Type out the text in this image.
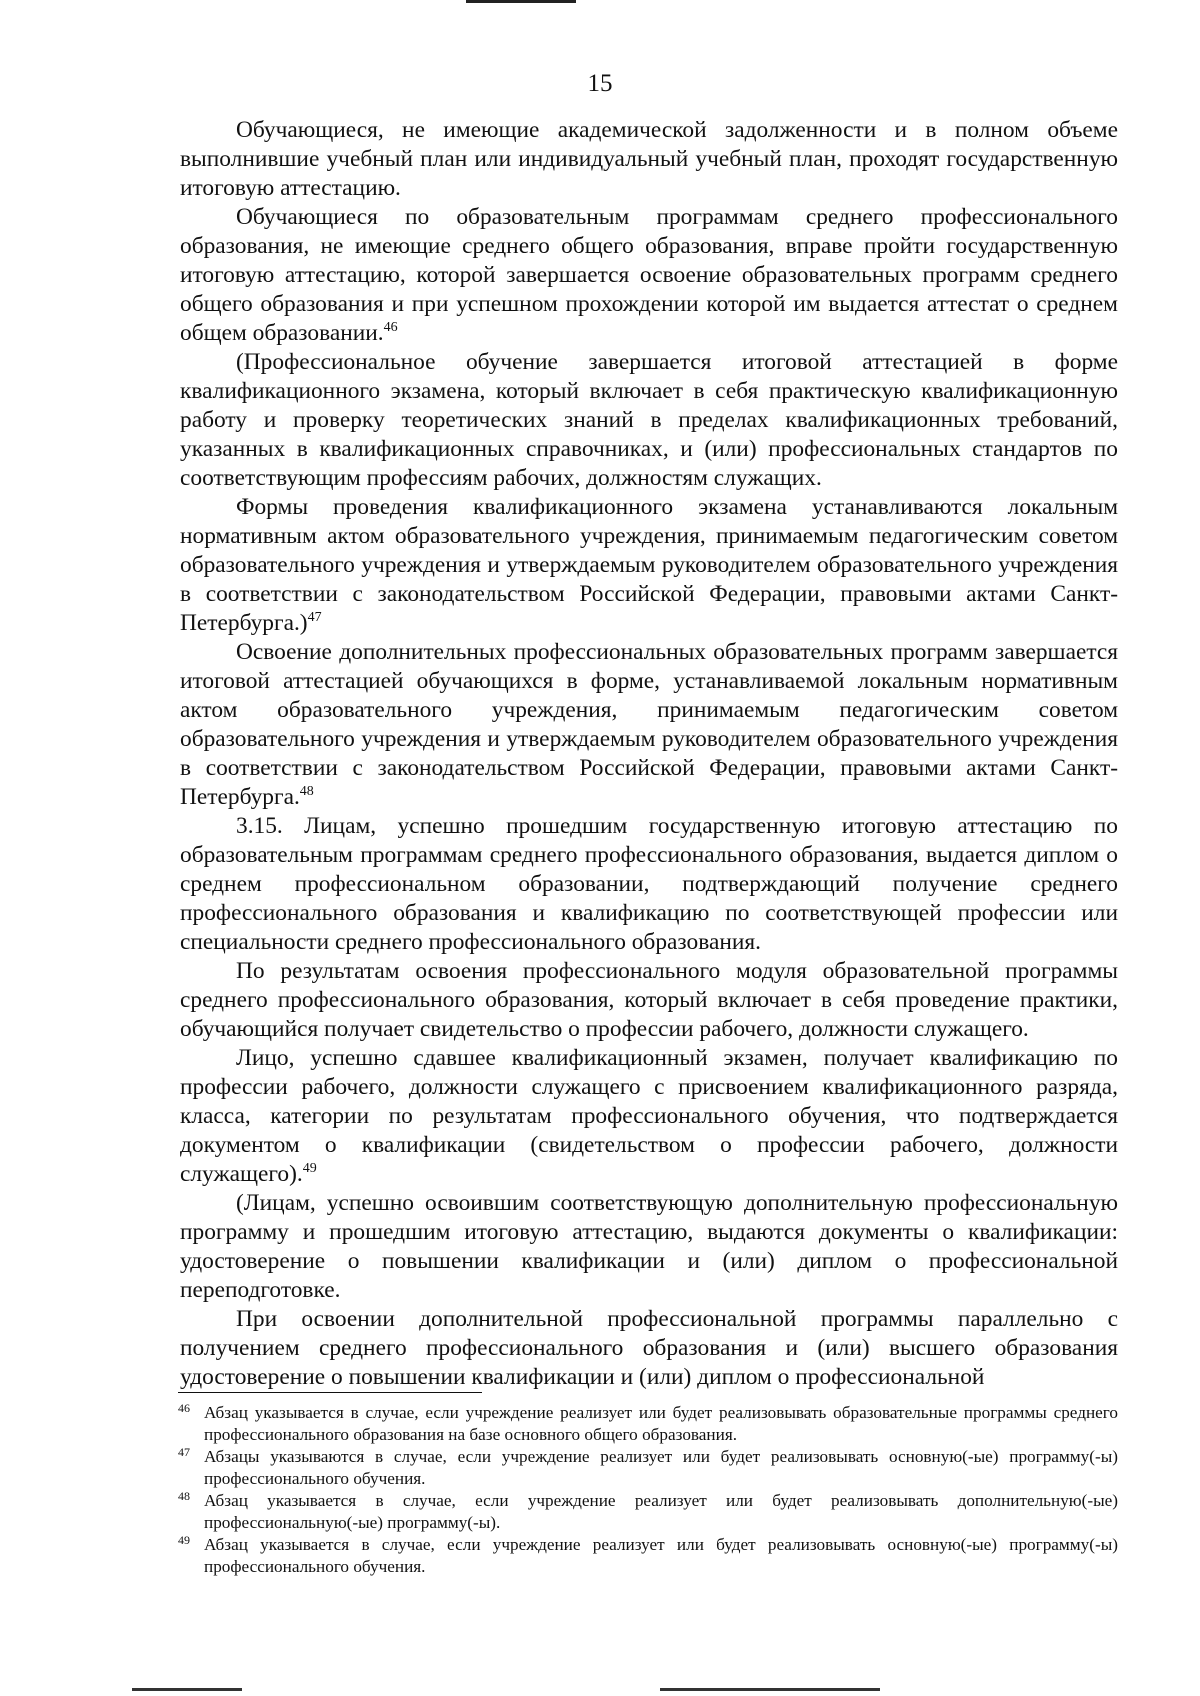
15

Обучающиеся, не имеющие академической задолженности и в полном объеме выполнившие учебный план или индивидуальный учебный план, проходят государственную итоговую аттестацию.

Обучающиеся по образовательным программам среднего профессионального образования, не имеющие среднего общего образования, вправе пройти государственную итоговую аттестацию, которой завершается освоение образовательных программ среднего общего образования и при успешном прохождении которой им выдается аттестат о среднем общем образовании.$^{46}$

(Профессиональное обучение завершается итоговой аттестацией в форме квалификационного экзамена, который включает в себя практическую квалификационную работу и проверку теоретических знаний в пределах квалификационных требований, указанных в квалификационных справочниках, и (или) профессиональных стандартов по соответствующим профессиям рабочих, должностям служащих.

Формы проведения квалификационного экзамена устанавливаются локальным нормативным актом образовательного учреждения, принимаемым педагогическим советом образовательного учреждения и утверждаемым руководителем образовательного учреждения в соответствии с законодательством Российской Федерации, правовыми актами Санкт-Петербурга.)$^{47}$

Освоение дополнительных профессиональных образовательных программ завершается итоговой аттестацией обучающихся в форме, устанавливаемой локальным нормативным актом образовательного учреждения, принимаемым педагогическим советом образовательного учреждения и утверждаемым руководителем образовательного учреждения в соответствии с законодательством Российской Федерации, правовыми актами Санкт-Петербурга.$^{48}$

3.15. Лицам, успешно прошедшим государственную итоговую аттестацию по образовательным программам среднего профессионального образования, выдается диплом о среднем профессиональном образовании, подтверждающий получение среднего профессионального образования и квалификацию по соответствующей профессии или специальности среднего профессионального образования.

По результатам освоения профессионального модуля образовательной программы среднего профессионального образования, который включает в себя проведение практики, обучающийся получает свидетельство о профессии рабочего, должности служащего.

Лицо, успешно сдавшее квалификационный экзамен, получает квалификацию по профессии рабочего, должности служащего с присвоением квалификационного разряда, класса, категории по результатам профессионального обучения, что подтверждается документом о квалификации (свидетельством о профессии рабочего, должности служащего).$^{49}$

(Лицам, успешно освоившим соответствующую дополнительную профессиональную программу и прошедшим итоговую аттестацию, выдаются документы о квалификации: удостоверение о повышении квалификации и (или) диплом о профессиональной переподготовке.

При освоении дополнительной профессиональной программы параллельно с получением среднего профессионального образования и (или) высшего образования удостоверение о повышении квалификации и (или) диплом о профессиональной

46 Абзац указывается в случае, если учреждение реализует или будет реализовывать образовательные программы среднего профессионального образования на базе основного общего образования.
47 Абзацы указываются в случае, если учреждение реализует или будет реализовывать основную(-ые) программу(-ы) профессионального обучения.
48 Абзац указывается в случае, если учреждение реализует или будет реализовывать дополнительную(-ые) профессиональную(-ые) программу(-ы).
49 Абзац указывается в случае, если учреждение реализует или будет реализовывать основную(-ые) программу(-ы) профессионального обучения.
